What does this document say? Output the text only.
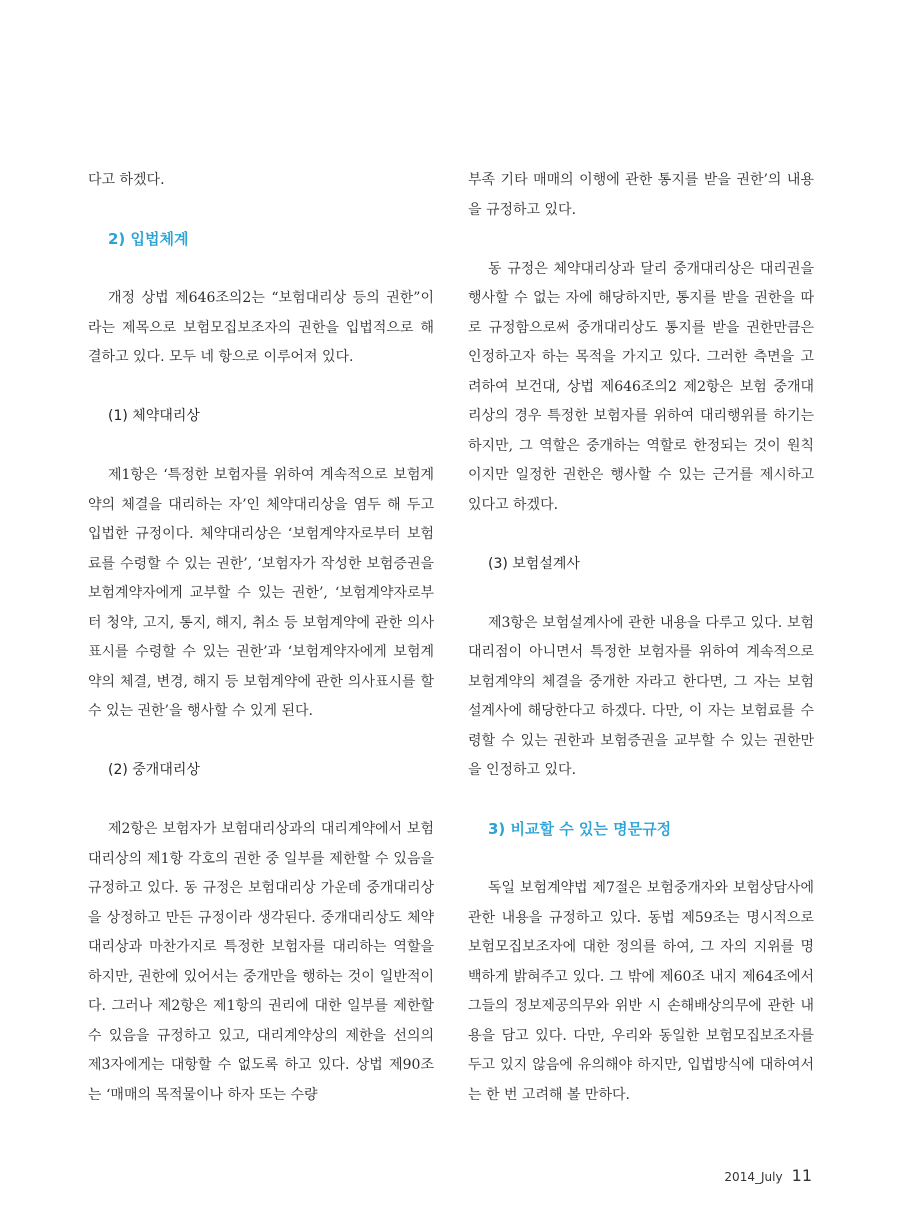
다고 하겠다.

2) 입법체계

개정 상법 제646조의2는 “보험대리상 등의 권한”이라는 제목으로 보험모집보조자의 권한을 입법적으로 해결하고 있다. 모두 네 항으로 이루어져 있다.

(1) 체약대리상

제1항은 ‘특정한 보험자를 위하여 계속적으로 보험계약의 체결을 대리하는 자’인 체약대리상을 염두 해 두고 입법한 규정이다. 체약대리상은 ‘보험계약자로부터 보험료를 수령할 수 있는 권한’, ‘보험자가 작성한 보험증권을 보험계약자에게 교부할 수 있는 권한’, ‘보험계약자로부터 청약, 고지, 통지, 해지, 취소 등 보험계약에 관한 의사표시를 수령할 수 있는 권한’과 ‘보험계약자에게 보험계약의 체결, 변경, 해지 등 보험계약에 관한 의사표시를 할 수 있는 권한’을 행사할 수 있게 된다.

(2) 중개대리상

제2항은 보험자가 보험대리상과의 대리계약에서 보험대리상의 제1항 각호의 권한 중 일부를 제한할 수 있음을 규정하고 있다. 동 규정은 보험대리상 가운데 중개대리상을 상정하고 만든 규정이라 생각된다. 중개대리상도 체약대리상과 마찬가지로 특정한 보험자를 대리하는 역할을 하지만, 권한에 있어서는 중개만을 행하는 것이 일반적이다. 그러나 제2항은 제1항의 권리에 대한 일부를 제한할 수 있음을 규정하고 있고, 대리계약상의 제한을 선의의 제3자에게는 대항할 수 없도록 하고 있다. 상법 제90조는 ‘매매의 목적물이나 하자 또는 수량

부족 기타 매매의 이행에 관한 통지를 받을 권한’의 내용을 규정하고 있다.

동 규정은 체약대리상과 달리 중개대리상은 대리권을 행사할 수 없는 자에 해당하지만, 통지를 받을 권한을 따로 규정함으로써 중개대리상도 통지를 받을 권한만큼은 인정하고자 하는 목적을 가지고 있다. 그러한 측면을 고려하여 보건대, 상법 제646조의2 제2항은 보험 중개대리상의 경우 특정한 보험자를 위하여 대리행위를 하기는 하지만, 그 역할은 중개하는 역할로 한정되는 것이 원칙이지만 일정한 권한은 행사할 수 있는 근거를 제시하고 있다고 하겠다.

(3) 보험설계사

제3항은 보험설계사에 관한 내용을 다루고 있다. 보험대리점이 아니면서 특정한 보험자를 위하여 계속적으로 보험계약의 체결을 중개한 자라고 한다면, 그 자는 보험설계사에 해당한다고 하겠다. 다만, 이 자는 보험료를 수령할 수 있는 권한과 보험증권을 교부할 수 있는 권한만을 인정하고 있다.

3) 비교할 수 있는 명문규정

독일 보험계약법 제7절은 보험중개자와 보험상담사에 관한 내용을 규정하고 있다. 동법 제59조는 명시적으로 보험모집보조자에 대한 정의를 하여, 그 자의 지위를 명백하게 밝혀주고 있다. 그 밖에 제60조 내지 제64조에서 그들의 정보제공의무와 위반 시 손해배상의무에 관한 내용을 담고 있다. 다만, 우리와 동일한 보험모집보조자를 두고 있지 않음에 유의해야 하지만, 입법방식에 대하여서는 한 번 고려해 볼 만하다.

2014_July 11
